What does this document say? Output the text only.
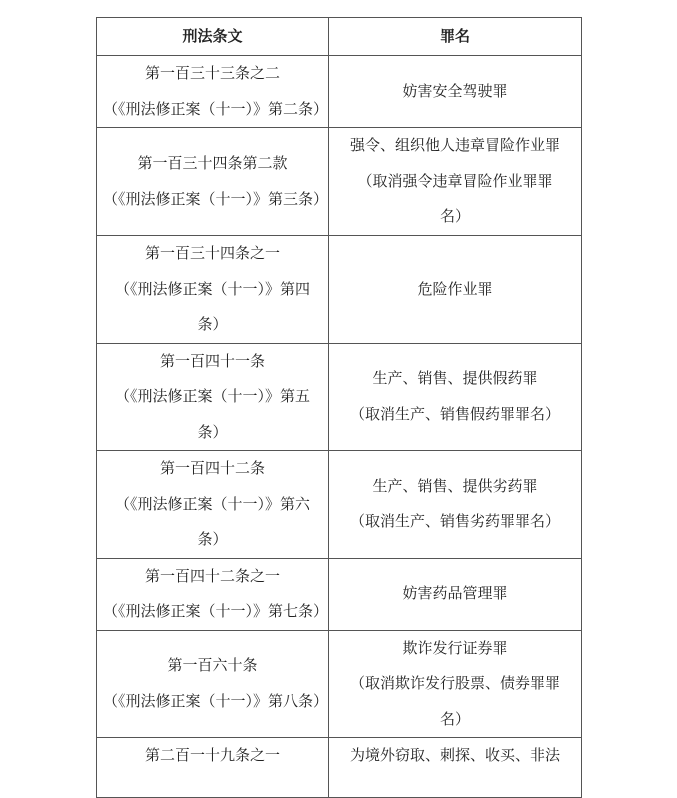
刑法条文	罪名

第一百三十三条之二
（《刑法修正案（十一）》第二条）	妨害安全驾驶罪

第一百三十四条第二款
（《刑法修正案（十一）》第三条）	强令、组织他人违章冒险作业罪
（取消强令违章冒险作业罪罪
名）

第一百三十四条之一
（《刑法修正案（十一）》第四
条）	危险作业罪

第一百四十一条
（《刑法修正案（十一）》第五
条）	生产、销售、提供假药罪
（取消生产、销售假药罪罪名）

第一百四十二条
（《刑法修正案（十一）》第六
条）	生产、销售、提供劣药罪
（取消生产、销售劣药罪罪名）

第一百四十二条之一
（《刑法修正案（十一）》第七条）	妨害药品管理罪

第一百六十条
（《刑法修正案（十一）》第八条）	欺诈发行证券罪
（取消欺诈发行股票、债券罪罪
名）

第二百一十九条之一	为境外窃取、刺探、收买、非法
